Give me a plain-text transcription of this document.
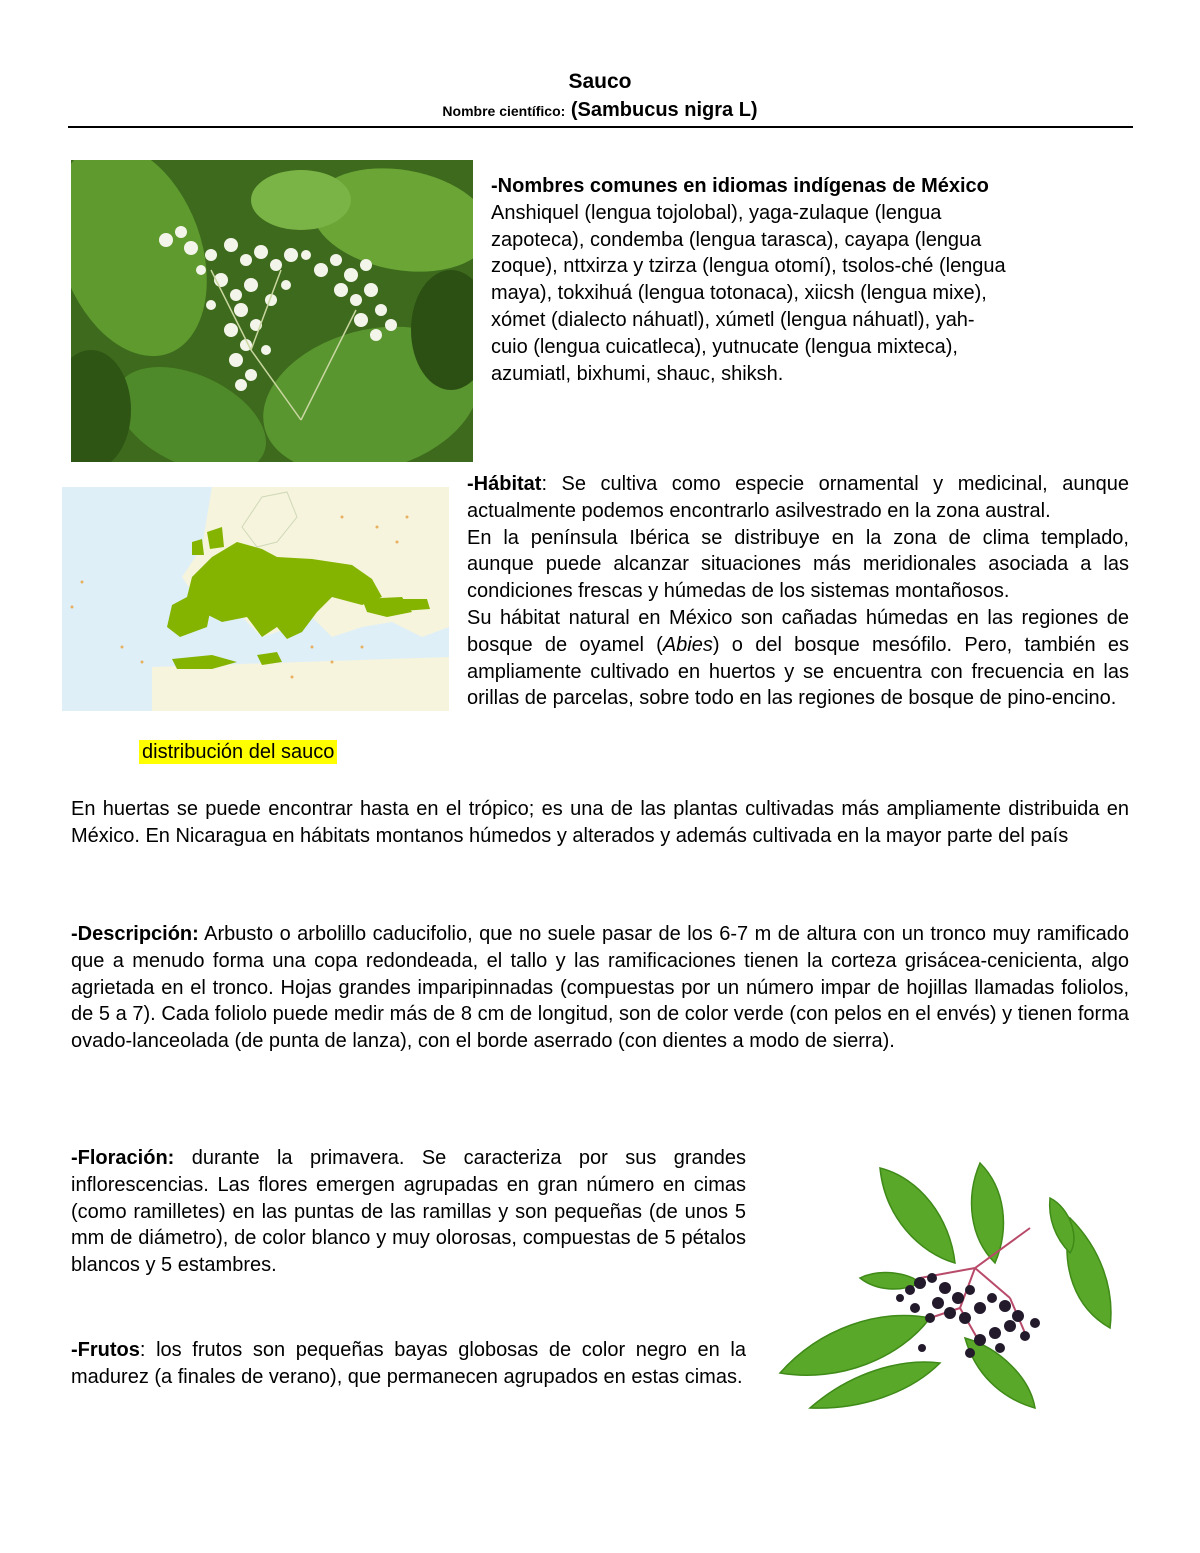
Sauco
Nombre científico: (Sambucus nigra L)
-Nombres comunes en idiomas indígenas de México
Anshiquel (lengua tojolobal), yaga-zulaque (lengua
zapoteca), condemba (lengua tarasca), cayapa (lengua
zoque), nttxirza y tzirza (lengua otomí), tsolos-ché (lengua
maya), tokxihuá (lengua totonaca), xiicsh (lengua mixe),
xómet (dialecto náhuatl), xúmetl (lengua náhuatl), yah-
cuio (lengua cuicatleca), yutnucate (lengua mixteca),
azumiatl, bixhumi, shauc, shiksh.
distribución del sauco
-Hábitat: Se cultiva como especie ornamental y medicinal, aunque actualmente podemos encontrarlo asilvestrado en la zona austral.
En la península Ibérica se distribuye en la zona de clima templado, aunque puede alcanzar situaciones más meridionales asociada a las condiciones frescas y húmedas de los sistemas montañosos.
Su hábitat natural en México son cañadas húmedas en las regiones de bosque de oyamel (Abies) o del bosque mesófilo. Pero, también es ampliamente cultivado en huertos y se encuentra con frecuencia en las orillas de parcelas, sobre todo en las regiones de bosque de pino-encino.
En huertas se puede encontrar hasta en el trópico; es una de las plantas cultivadas más ampliamente distribuida en México. En Nicaragua en hábitats montanos húmedos y alterados y además cultivada en la mayor parte del país
-Descripción: Arbusto o arbolillo caducifolio, que no suele pasar de los 6-7 m de altura con un tronco muy ramificado que a menudo forma una copa redondeada, el tallo y las ramificaciones tienen la corteza grisácea-cenicienta, algo agrietada en el tronco. Hojas grandes imparipinnadas (compuestas por un número impar de hojillas llamadas foliolos, de 5 a 7). Cada foliolo puede medir más de 8 cm de longitud, son de color verde (con pelos en el envés) y tienen forma ovado-lanceolada (de punta de lanza), con el borde aserrado (con dientes a modo de sierra).
-Floración: durante la primavera. Se caracteriza por sus grandes inflorescencias. Las flores emergen agrupadas en gran número en cimas (como ramilletes) en las puntas de las ramillas y son pequeñas (de unos 5 mm de diámetro), de color blanco y muy olorosas, compuestas de 5 pétalos blancos y 5 estambres.
-Frutos: los frutos son pequeñas bayas globosas de color negro en la madurez (a finales de verano), que permanecen agrupados en estas cimas.
